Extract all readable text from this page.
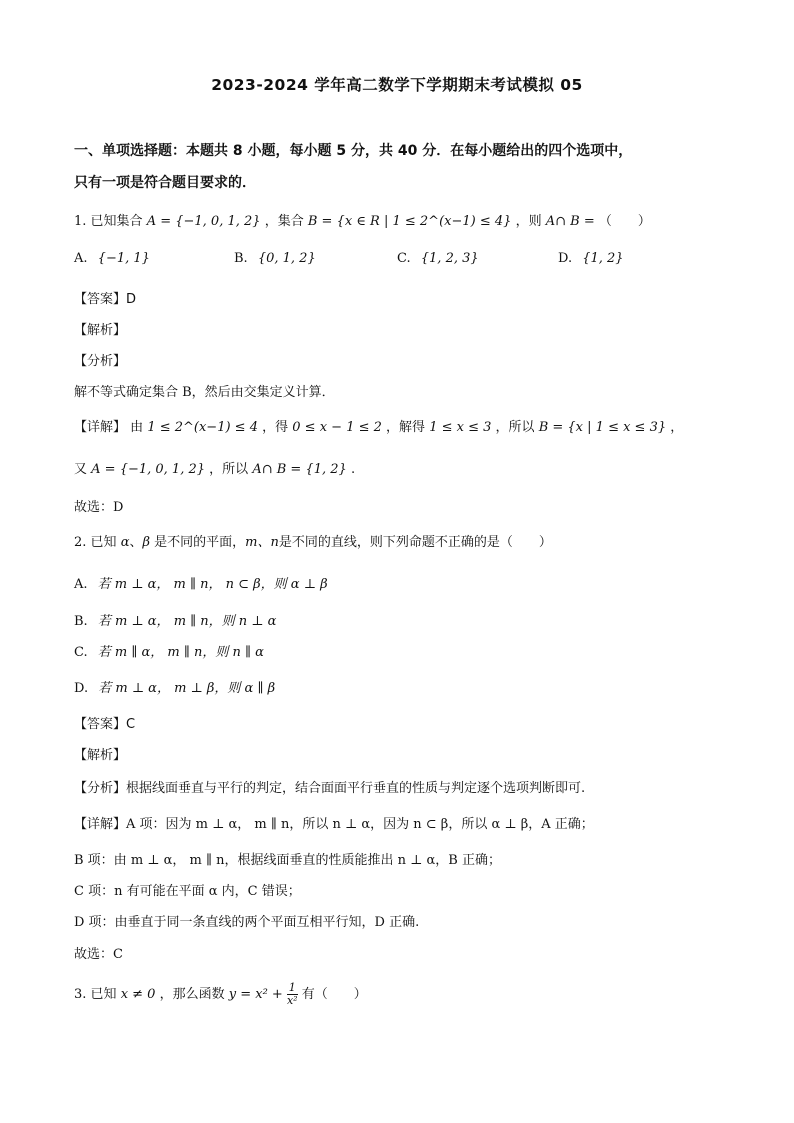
2023-2024 学年高二数学下学期期末考试模拟 05
一、单项选择题：本题共 8 小题，每小题 5 分，共 40 分．在每小题给出的四个选项中，
只有一项是符合题目要求的．
1. 已知集合 A = {−1, 0, 1, 2} ，集合 B = {x ∈ R | 1 ≤ 2^(x−1) ≤ 4} ，则 A∩ B = （　　）
A. {−1, 1}	B. {0, 1, 2}	C. {1, 2, 3}	D. {1, 2}
【答案】D
【解析】
【分析】
解不等式确定集合 B，然后由交集定义计算．
【详解】 由 1 ≤ 2^(x−1) ≤ 4 ，得 0 ≤ x − 1 ≤ 2 ，解得 1 ≤ x ≤ 3 ，所以 B = {x | 1 ≤ x ≤ 3} ，
又 A = {−1, 0, 1, 2} ，所以 A∩ B = {1, 2} .
故选：D
2. 已知 α、β 是不同的平面，m、n是不同的直线，则下列命题不正确的是（　　）
A. 若 m ⊥ α， m ∥ n， n ⊂ β，则 α ⊥ β
B. 若 m ⊥ α， m ∥ n，则 n ⊥ α
C. 若 m ∥ α， m ∥ n，则 n ∥ α
D. 若 m ⊥ α， m ⊥ β，则 α ∥ β
【答案】C
【解析】
【分析】根据线面垂直与平行的判定，结合面面平行垂直的性质与判定逐个选项判断即可.
【详解】A 项：因为 m ⊥ α， m ∥ n，所以 n ⊥ α，因为 n ⊂ β，所以 α ⊥ β，A 正确；
B 项：由 m ⊥ α， m ∥ n，根据线面垂直的性质能推出 n ⊥ α，B 正确；
C 项：n 有可能在平面 α 内，C 错误；
D 项：由垂直于同一条直线的两个平面互相平行知，D 正确.
故选：C
3. 已知 x ≠ 0 ，那么函数 $y = x^2 + \frac{1}{\text{x²}}$ 有（　　）
